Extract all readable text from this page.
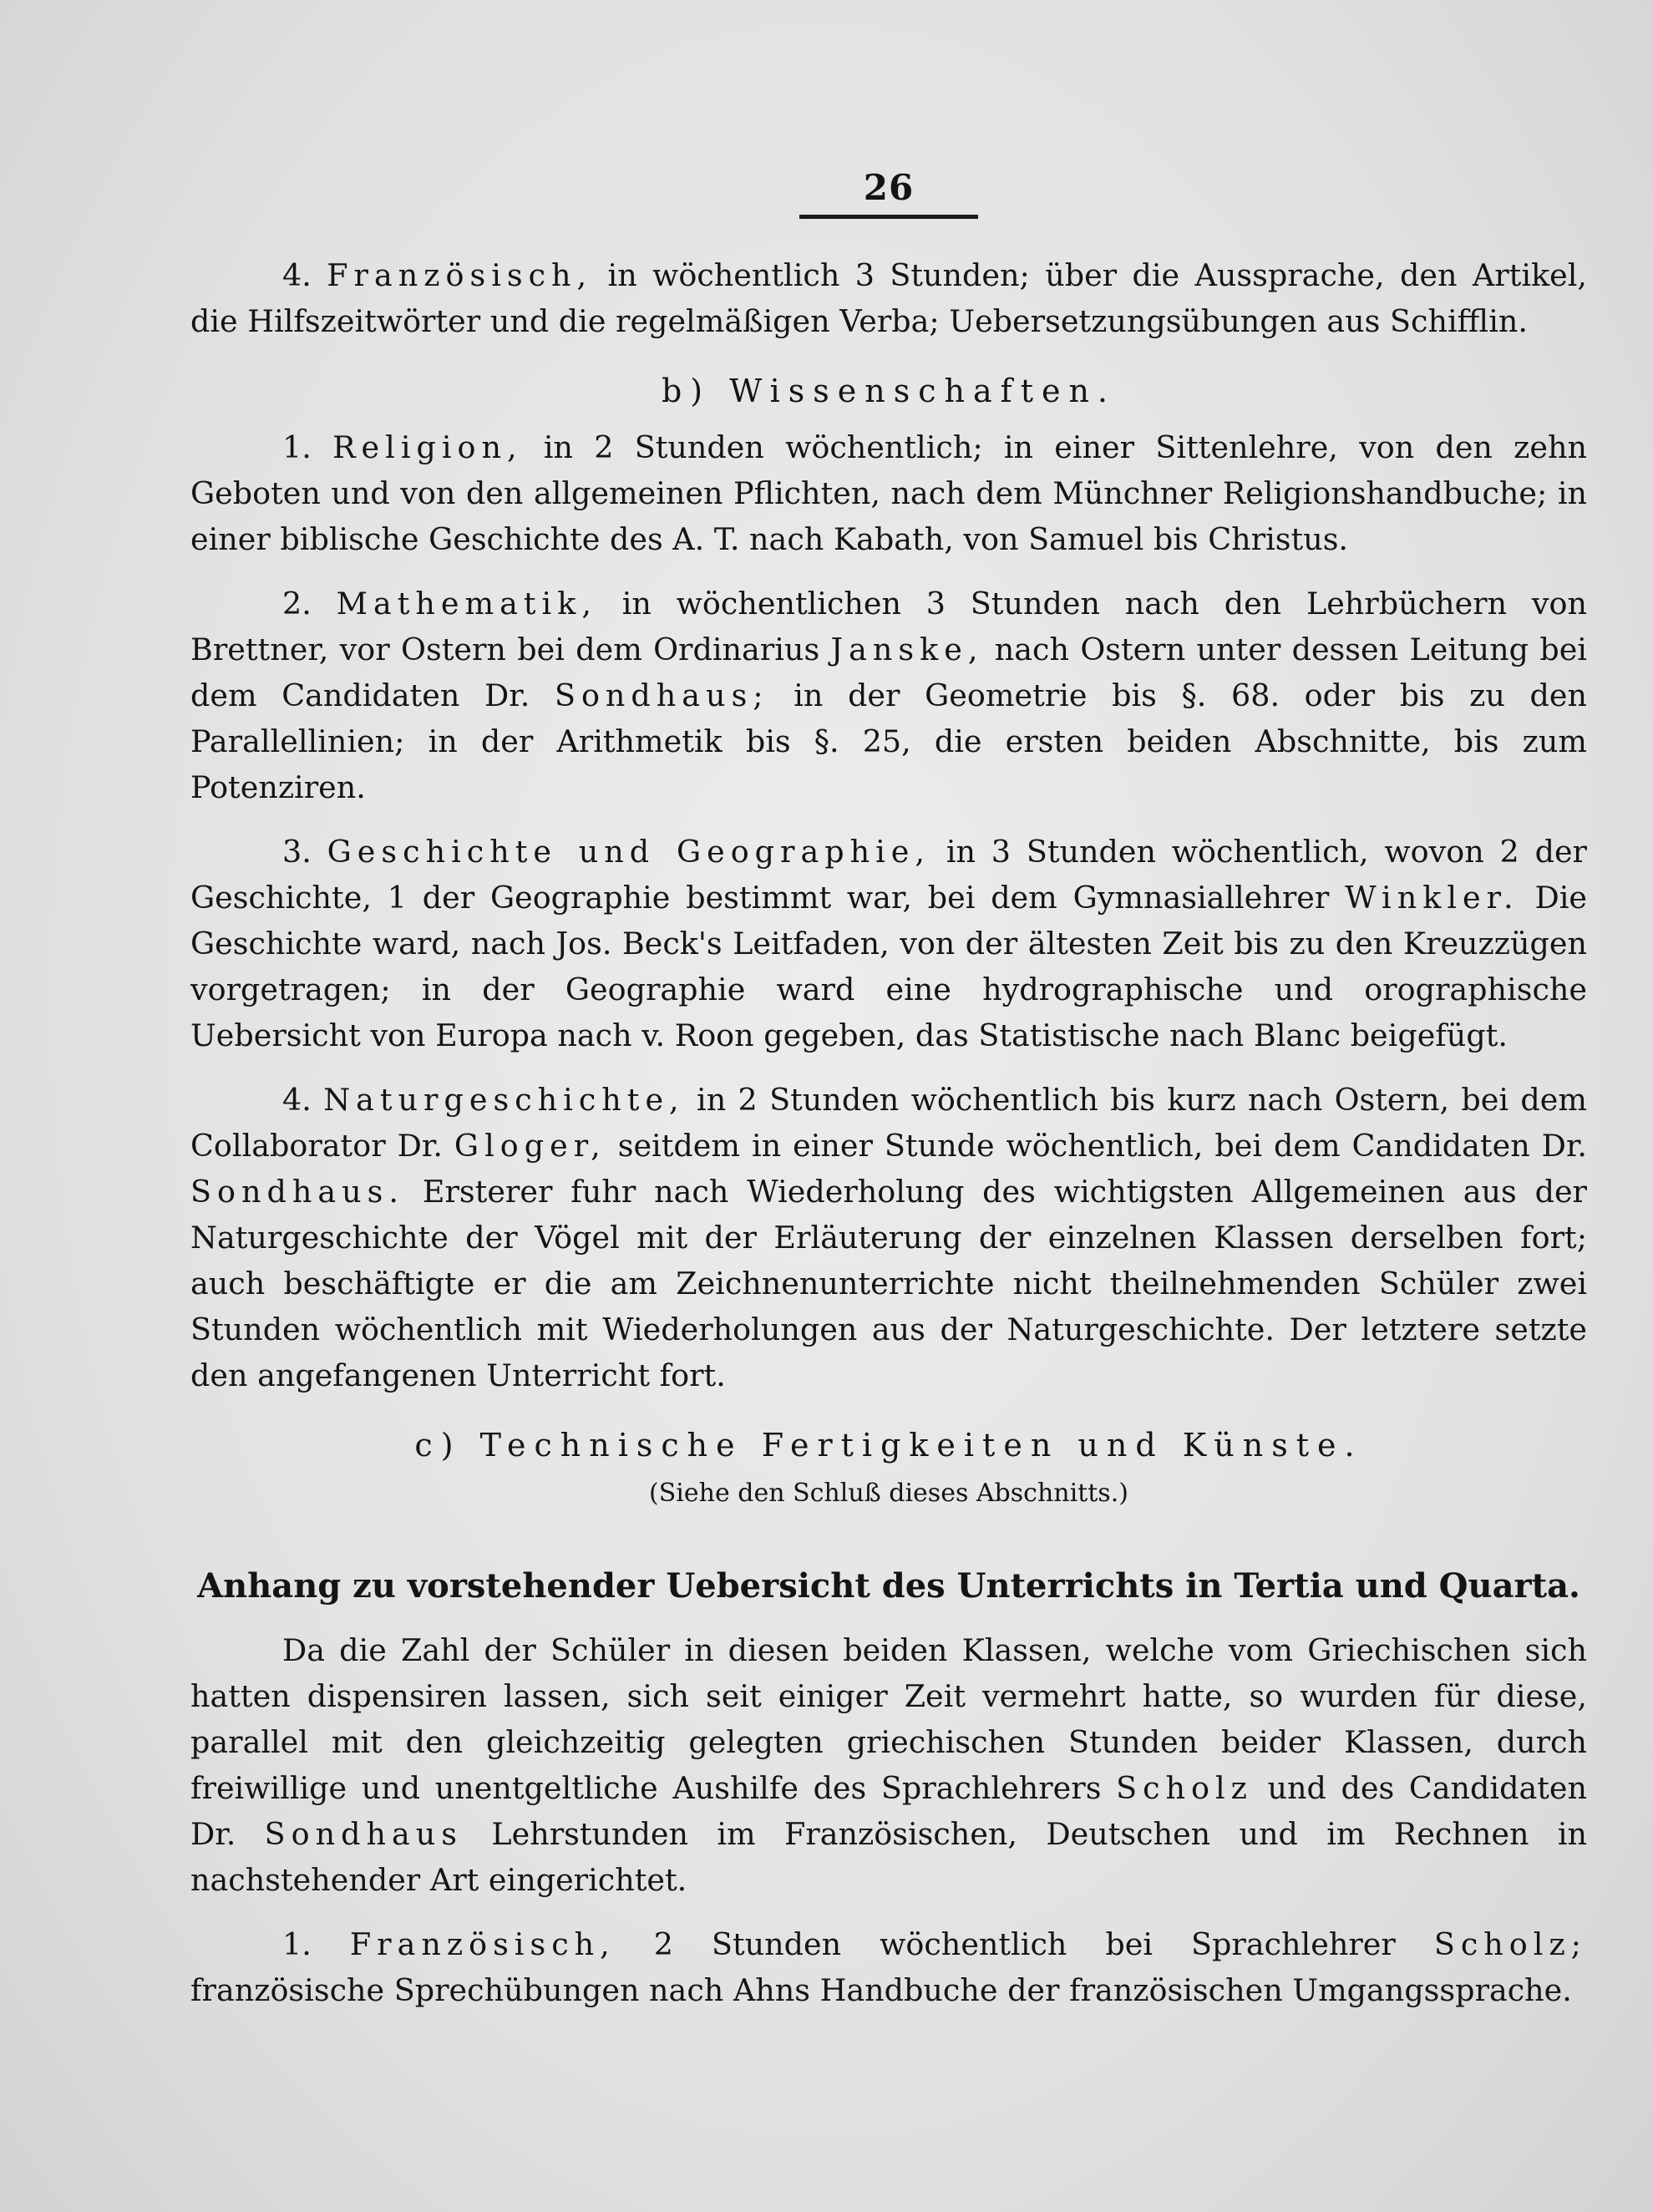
26

4. Französisch, in wöchentlich 3 Stunden; über die Aussprache, den Artikel, die Hilfszeitwörter und die regelmäßigen Verba; Uebersetzungsübungen aus Schifflin.

b) Wissenschaften.

1. Religion, in 2 Stunden wöchentlich; in einer Sittenlehre, von den zehn Geboten und von den allgemeinen Pflichten, nach dem Münchner Religionshandbuche; in einer biblische Geschichte des A. T. nach Kabath, von Samuel bis Christus.

2. Mathematik, in wöchentlichen 3 Stunden nach den Lehrbüchern von Brettner, vor Ostern bei dem Ordinarius Janske, nach Ostern unter dessen Leitung bei dem Candidaten Dr. Sondhaus; in der Geometrie bis §. 68. oder bis zu den Parallellinien; in der Arithmetik bis §. 25, die ersten beiden Abschnitte, bis zum Potenziren.

3. Geschichte und Geographie, in 3 Stunden wöchentlich, wovon 2 der Geschichte, 1 der Geographie bestimmt war, bei dem Gymnasiallehrer Winkler. Die Geschichte ward, nach Jos. Beck's Leitfaden, von der ältesten Zeit bis zu den Kreuzzügen vorgetragen; in der Geographie ward eine hydrographische und orographische Uebersicht von Europa nach v. Roon gegeben, das Statistische nach Blanc beigefügt.

4. Naturgeschichte, in 2 Stunden wöchentlich bis kurz nach Ostern, bei dem Collaborator Dr. Gloger, seitdem in einer Stunde wöchentlich, bei dem Candidaten Dr. Sondhaus. Ersterer fuhr nach Wiederholung des wichtigsten Allgemeinen aus der Naturgeschichte der Vögel mit der Erläuterung der einzelnen Klassen derselben fort; auch beschäftigte er die am Zeichnenunterrichte nicht theilnehmenden Schüler zwei Stunden wöchentlich mit Wiederholungen aus der Naturgeschichte. Der letztere setzte den angefangenen Unterricht fort.

c) Technische Fertigkeiten und Künste.
(Siehe den Schluß dieses Abschnitts.)
Anhang zu vorstehender Uebersicht des Unterrichts in Tertia und Quarta.

Da die Zahl der Schüler in diesen beiden Klassen, welche vom Griechischen sich hatten dispensiren lassen, sich seit einiger Zeit vermehrt hatte, so wurden für diese, parallel mit den gleichzeitig gelegten griechischen Stunden beider Klassen, durch freiwillige und unentgeltliche Aushilfe des Sprachlehrers Scholz und des Candidaten Dr. Sondhaus Lehrstunden im Französischen, Deutschen und im Rechnen in nachstehender Art eingerichtet.

1. Französisch, 2 Stunden wöchentlich bei Sprachlehrer Scholz; französische Sprechübungen nach Ahns Handbuche der französischen Umgangssprache.
